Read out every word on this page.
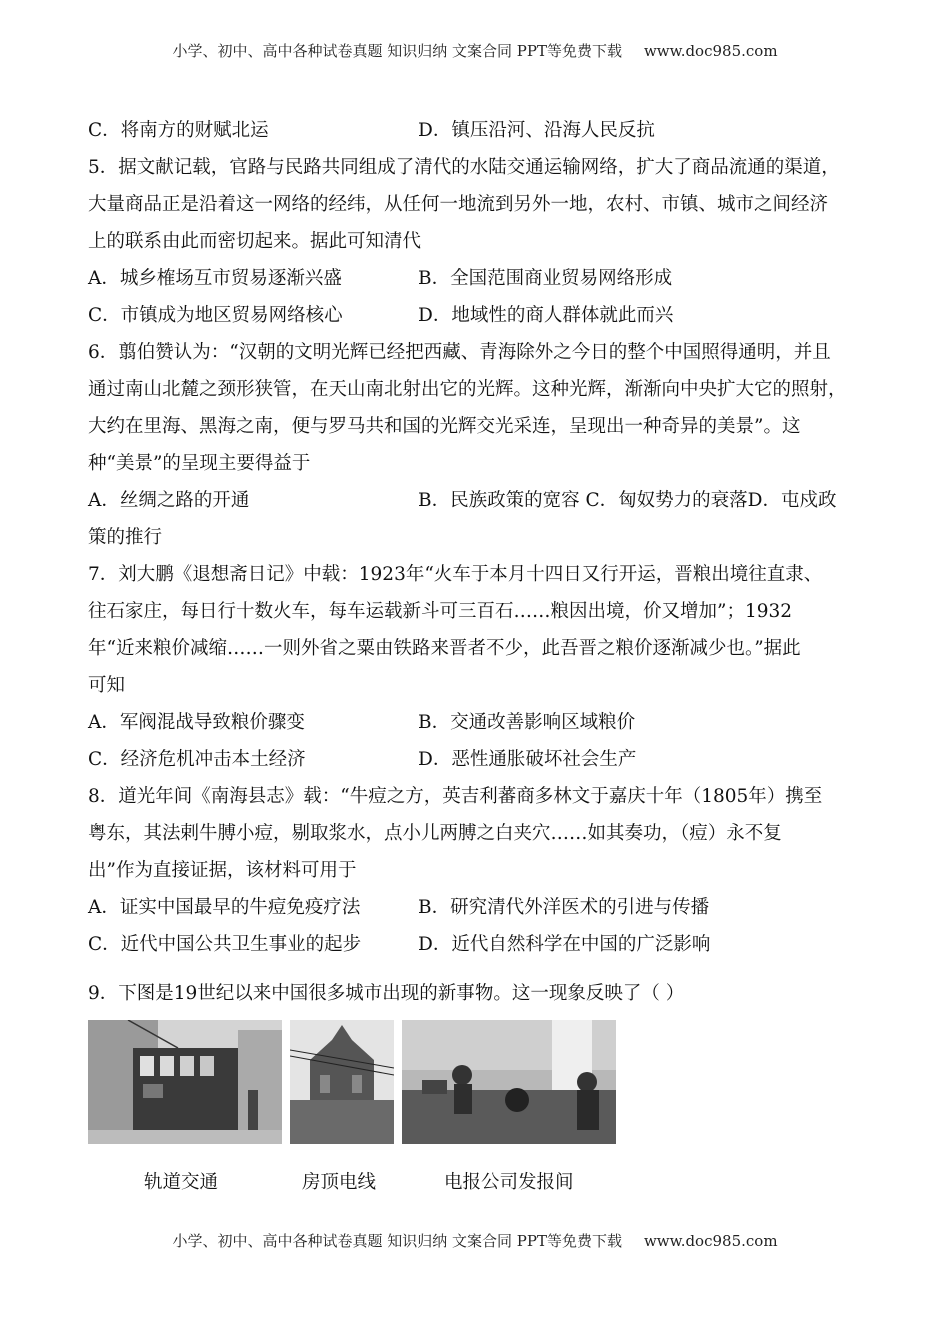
小学、初中、高中各种试卷真题 知识归纳 文案合同 PPT等免费下载 www.doc985.com
C．将南方的财赋北运	D．镇压沿河、沿海人民反抗
5．据文献记载，官路与民路共同组成了清代的水陆交通运输网络，扩大了商品流通的渠道，
大量商品正是沿着这一网络的经纬，从任何一地流到另外一地，农村、市镇、城市之间经济
上的联系由此而密切起来。据此可知清代
A．城乡榷场互市贸易逐渐兴盛	B．全国范围商业贸易网络形成
C．市镇成为地区贸易网络核心	D．地域性的商人群体就此而兴
6．翦伯赞认为：“汉朝的文明光辉已经把西藏、青海除外之今日的整个中国照得通明，并且
通过南山北麓之颈形狭管，在天山南北射出它的光辉。这种光辉，渐渐向中央扩大它的照射，
大约在里海、黑海之南，便与罗马共和国的光辉交光采连，呈现出一种奇异的美景”。这
种“美景”的呈现主要得益于
A．丝绸之路的开通	B．民族政策的宽容 C．匈奴势力的衰落D．屯戍政
策的推行
7．刘大鹏《退想斋日记》中载：1923年“火车于本月十四日又行开运，晋粮出境往直隶、
往石家庄，每日行十数火车，每车运载新斗可三百石……粮因出境，价又增加”；1932
年“近来粮价减缩……一则外省之粟由铁路来晋者不少，此吾晋之粮价逐渐减少也。”据此
可知
A．军阀混战导致粮价骤变	B．交通改善影响区域粮价
C．经济危机冲击本土经济	D．恶性通胀破坏社会生产
8．道光年间《南海县志》载：“牛痘之方，英吉利蕃商多林文于嘉庆十年（1805年）携至
粤东，其法剌牛膊小痘，剔取浆水，点小儿两膊之白夹穴……如其奏功，（痘）永不复
出”作为直接证据，该材料可用于
A．证实中国最早的牛痘免疫疗法	B．研究清代外洋医术的引进与传播
C．近代中国公共卫生事业的起步	D．近代自然科学在中国的广泛影响
9．下图是19世纪以来中国很多城市出现的新事物。这一现象反映了（ ）
轨道交通	房顶电线	电报公司发报间
小学、初中、高中各种试卷真题 知识归纳 文案合同 PPT等免费下载 www.doc985.com
